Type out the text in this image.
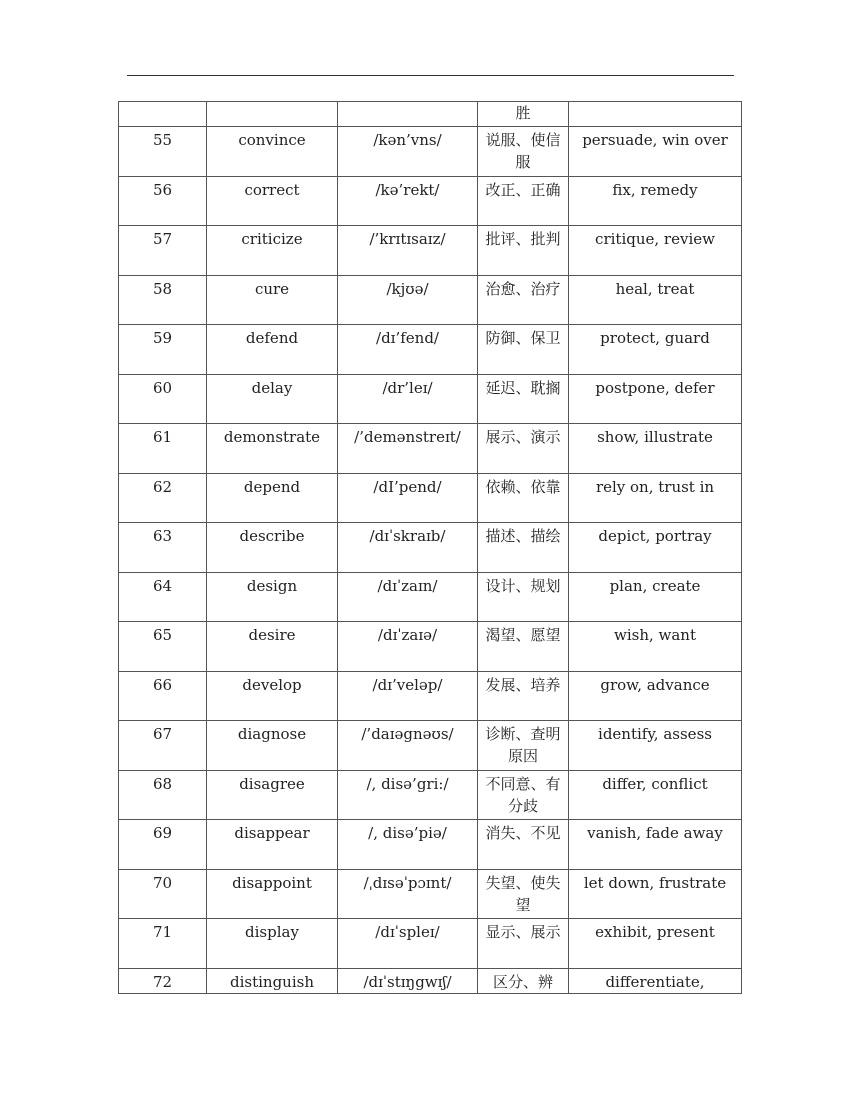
			胜	
55	convince	/kən’vns/	说服、使信服	persuade, win over
56	correct	/kə’rekt/	改正、正确	fix, remedy
57	criticize	/’krɪtɪsaɪz/	批评、批判	critique, review
58	cure	/kjʊə/	治愈、治疗	heal, treat
59	defend	/dɪ’fend/	防御、保卫	protect, guard
60	delay	/dr’leɪ/	延迟、耽搁	postpone, defer
61	demonstrate	/’demənstreɪt/	展示、演示	show, illustrate
62	depend	/dI’pend/	依赖、依靠	rely on, trust in
63	describe	/dɪˈskraɪb/	描述、描绘	depict, portray
64	design	/dɪˈzaɪn/	设计、规划	plan, create
65	desire	/dɪˈzaɪə/	渴望、愿望	wish, want
66	develop	/dɪ’veləp/	发展、培养	grow, advance
67	diagnose	/’daɪəgnəʊs/	诊断、查明原因	identify, assess
68	disagree	/, disə’gri:/	不同意、有分歧	differ, conflict
69	disappear	/, disə’piə/	消失、不见	vanish, fade away
70	disappoint	/ˌdɪsəˈpɔɪnt/	失望、使失望	let down, frustrate
71	display	/dɪˈspleɪ/	显示、展示	exhibit, present
72	distinguish	/dɪˈstɪŋgwɪʃ/	区分、辨	differentiate,
